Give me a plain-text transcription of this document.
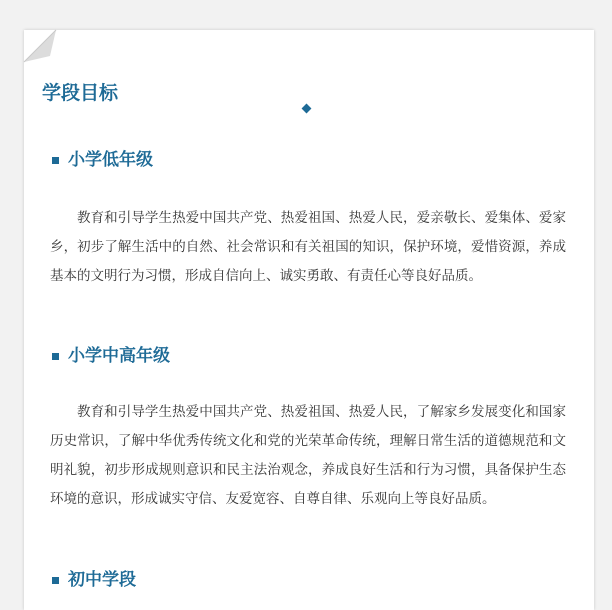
学段目标
小学低年级

教育和引导学生热爱中国共产党、热爱祖国、热爱人民，爱亲敬长、爱集体、爱家乡，初步了解生活中的自然、社会常识和有关祖国的知识，保护环境，爱惜资源，养成基本的文明行为习惯，形成自信向上、诚实勇敢、有责任心等良好品质。

小学中高年级

教育和引导学生热爱中国共产党、热爱祖国、热爱人民，了解家乡发展变化和国家历史常识，了解中华优秀传统文化和党的光荣革命传统，理解日常生活的道德规范和文明礼貌，初步形成规则意识和民主法治观念，养成良好生活和行为习惯，具备保护生态环境的意识，形成诚实守信、友爱宽容、自尊自律、乐观向上等良好品质。

初中学段
